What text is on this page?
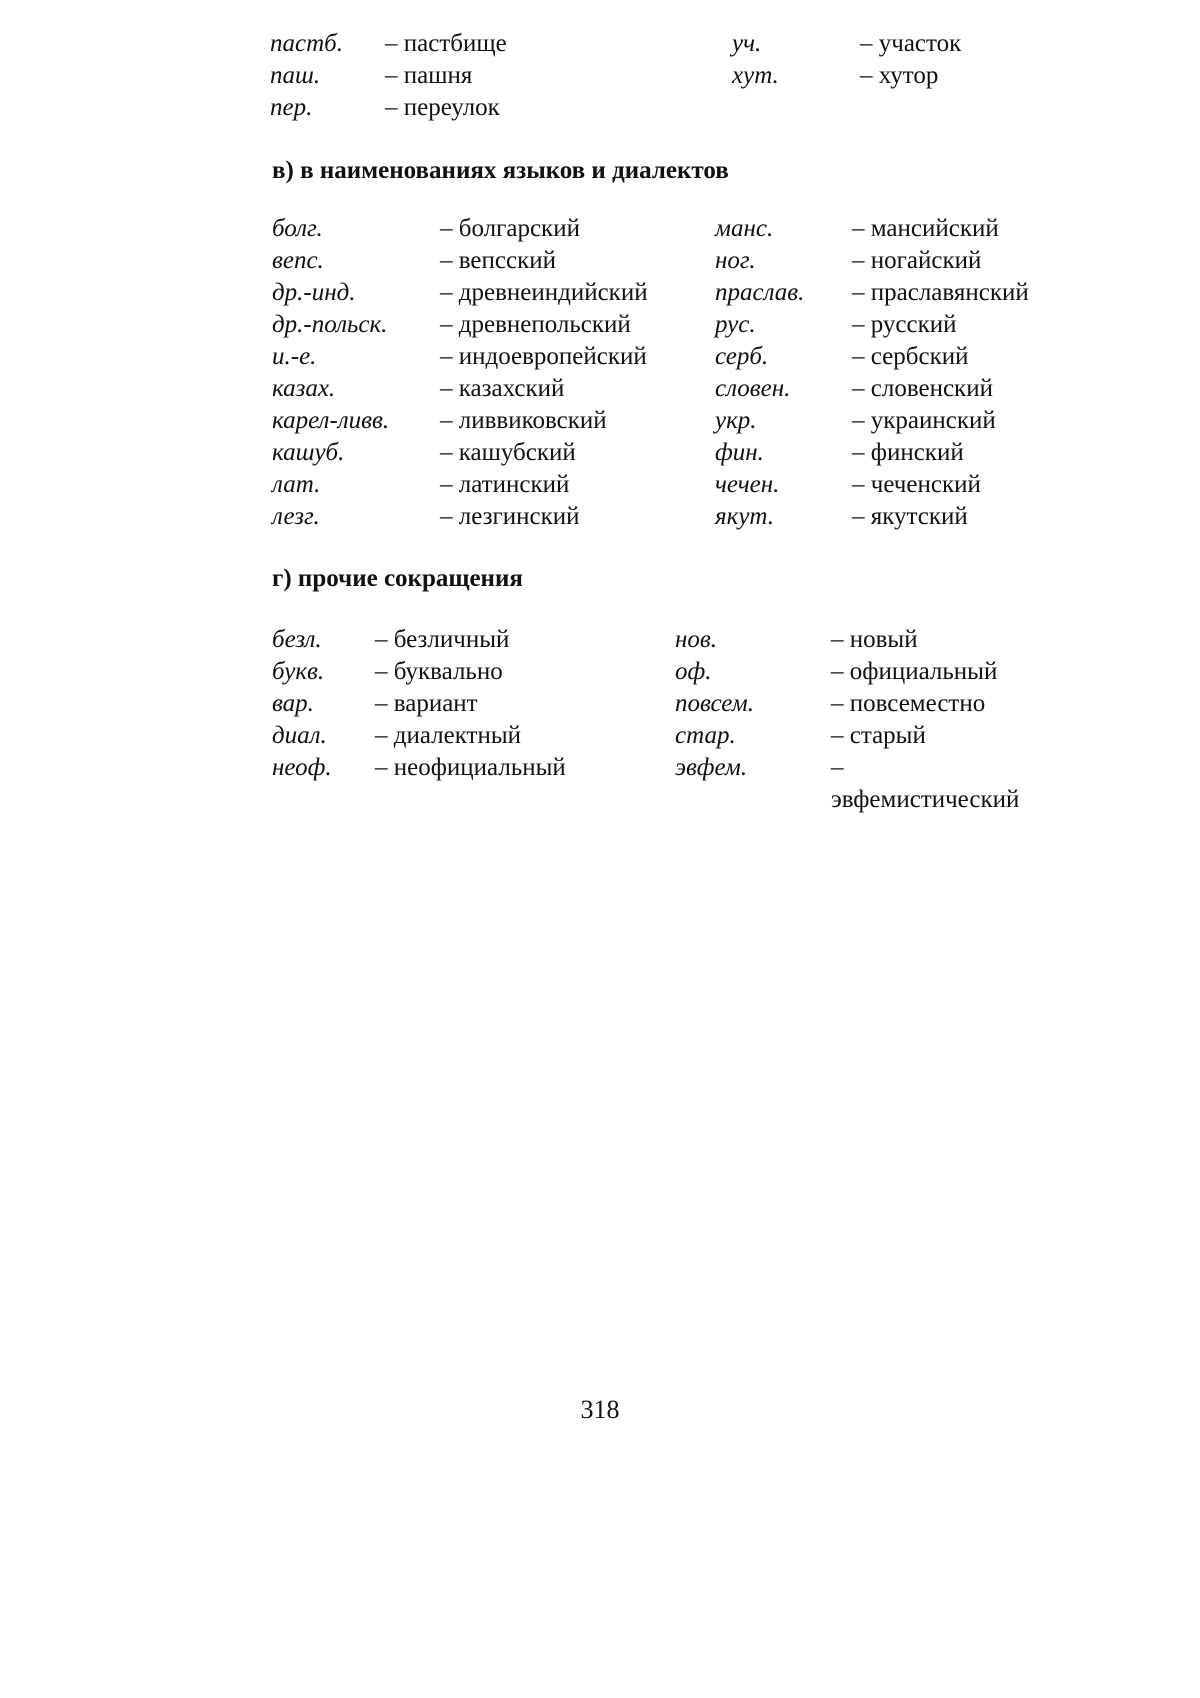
пастб.	– пастбище	уч.	– участок
паш.	– пашня	хут.	– хутор
пер.	– переулок		
в) в наименованиях языков и диалектов
болг.	– болгарский	манс.	– мансийский
вепс.	– вепсский	ног.	– ногайский
др.-инд.	– древнеиндийский	праслав.	– праславянский
др.-польск.	– древнепольский	рус.	– русский
и.-е.	– индоевропейский	серб.	– сербский
казах.	– казахский	словен.	– словенский
карел-ливв.	– ливвиковский	укр.	– украинский
кашуб.	– кашубский	фин.	– финский
лат.	– латинский	чечен.	– чеченский
лезг.	– лезгинский	якут.	– якутский
г) прочие сокращения
безл.	– безличный	нов.	– новый
букв.	– буквально	оф.	– официальный
вар.	– вариант	повсем.	– повсеместно
диал.	– диалектный	стар.	– старый
неоф.	– неофициальный	эвфем.	– эвфемистический
318
